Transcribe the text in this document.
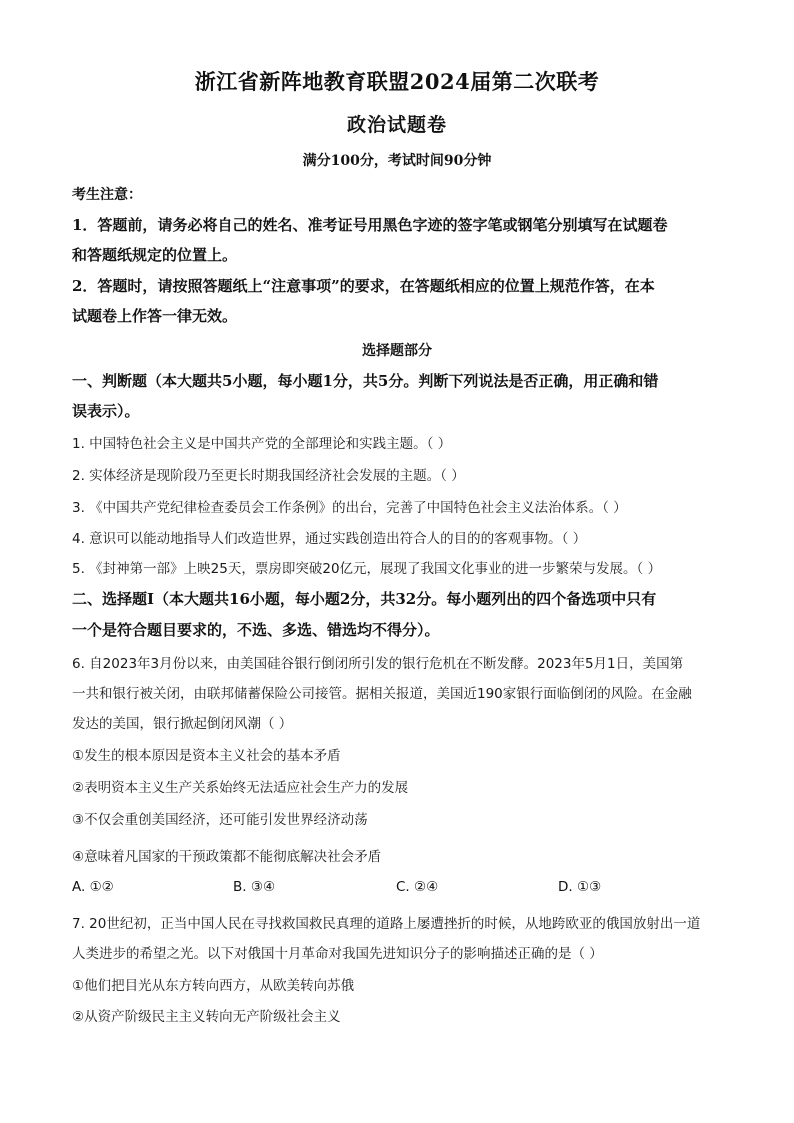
浙江省新阵地教育联盟2024届第二次联考
政治试题卷
满分100分，考试时间90分钟
考生注意：
1．答题前，请务必将自己的姓名、准考证号用黑色字迹的签字笔或钢笔分别填写在试题卷
和答题纸规定的位置上。
2．答题时，请按照答题纸上“注意事项”的要求，在答题纸相应的位置上规范作答，在本
试题卷上作答一律无效。
选择题部分
一、判断题（本大题共5小题，每小题1分，共5分。判断下列说法是否正确，用正确和错
误表示）。
1. 中国特色社会主义是中国共产党的全部理论和实践主题。（ ）
2. 实体经济是现阶段乃至更长时期我国经济社会发展的主题。（ ）
3. 《中国共产党纪律检查委员会工作条例》的出台，完善了中国特色社会主义法治体系。（ ）
4. 意识可以能动地指导人们改造世界，通过实践创造出符合人的目的的客观事物。（ ）
5. 《封神第一部》上映25天，票房即突破20亿元，展现了我国文化事业的进一步繁荣与发展。（ ）
二、选择题Ⅰ（本大题共16小题，每小题2分，共32分。每小题列出的四个备选项中只有
一个是符合题目要求的，不选、多选、错选均不得分）。
6. 自2023年3月份以来，由美国硅谷银行倒闭所引发的银行危机在不断发酵。2023年5月1日，美国第
一共和银行被关闭，由联邦储蓄保险公司接管。据相关报道，美国近190家银行面临倒闭的风险。在金融
发达的美国，银行掀起倒闭风潮（ ）
①发生的根本原因是资本主义社会的基本矛盾
②表明资本主义生产关系始终无法适应社会生产力的发展
③不仅会重创美国经济，还可能引发世界经济动荡
④意味着凡国家的干预政策都不能彻底解决社会矛盾
A. ①②	B. ③④	C. ②④	D. ①③
7. 20世纪初，正当中国人民在寻找救国救民真理的道路上屡遭挫折的时候，从地跨欧亚的俄国放射出一道
人类进步的希望之光。以下对俄国十月革命对我国先进知识分子的影响描述正确的是（ ）
①他们把目光从东方转向西方，从欧美转向苏俄
②从资产阶级民主主义转向无产阶级社会主义
